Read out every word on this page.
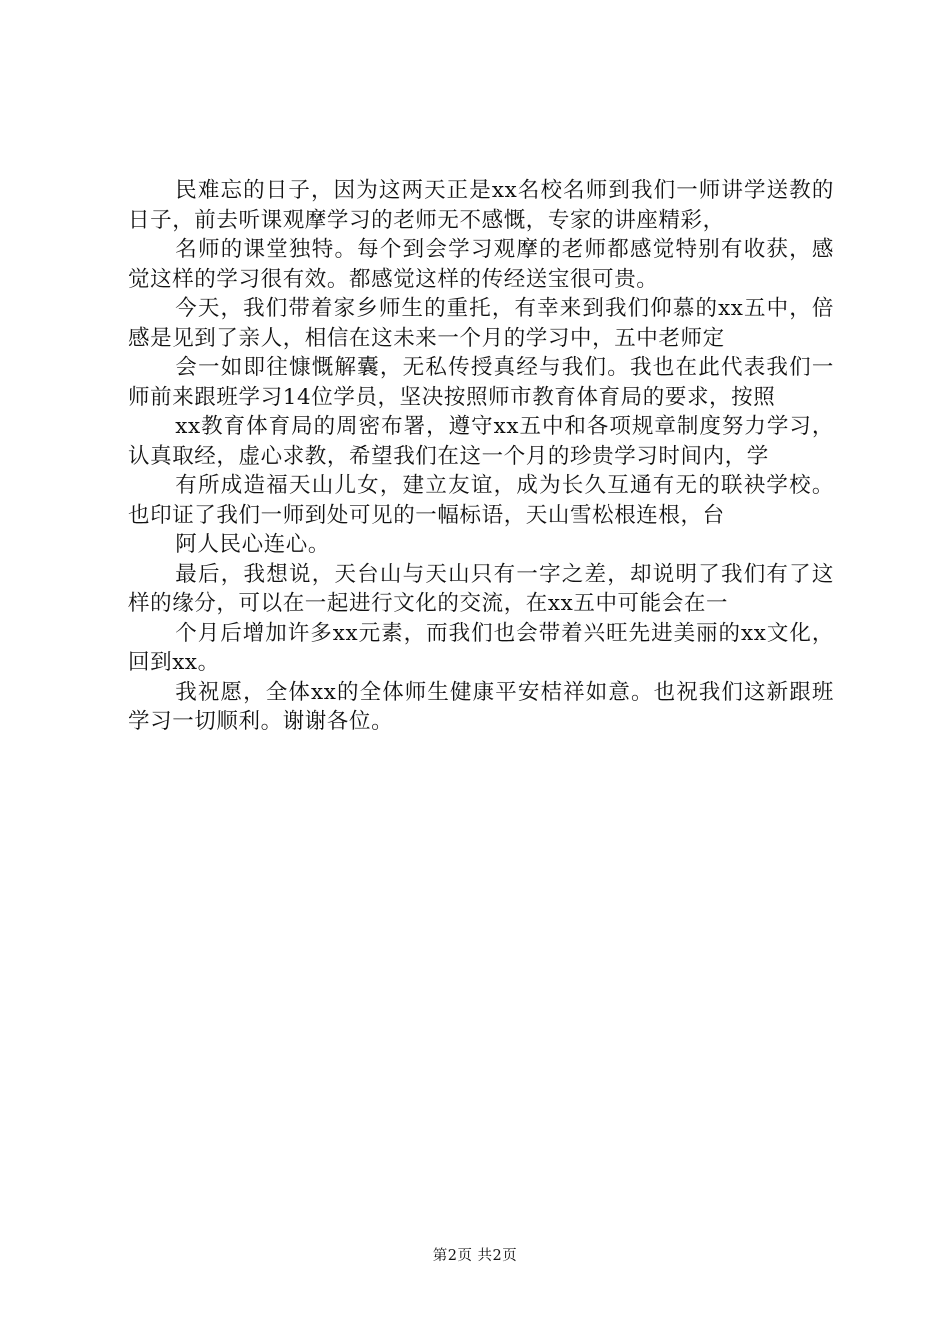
民难忘的日子，因为这两天正是xx名校名师到我们一师讲学送教的日子，前去听课观摩学习的老师无不感慨，专家的讲座精彩，

名师的课堂独特。每个到会学习观摩的老师都感觉特别有收获，感觉这样的学习很有效。都感觉这样的传经送宝很可贵。

今天，我们带着家乡师生的重托，有幸来到我们仰慕的xx五中，倍感是见到了亲人，相信在这未来一个月的学习中，五中老师定

会一如即往慷慨解囊，无私传授真经与我们。我也在此代表我们一师前来跟班学习14位学员，坚决按照师市教育体育局的要求，按照

xx教育体育局的周密布署，遵守xx五中和各项规章制度努力学习，认真取经，虚心求教，希望我们在这一个月的珍贵学习时间内，学

有所成造福天山儿女，建立友谊，成为长久互通有无的联袂学校。也印证了我们一师到处可见的一幅标语，天山雪松根连根，台

阿人民心连心。

最后，我想说，天台山与天山只有一字之差，却说明了我们有了这样的缘分，可以在一起进行文化的交流，在xx五中可能会在一

个月后增加许多xx元素，而我们也会带着兴旺先进美丽的xx文化，回到xx。

我祝愿，全体xx的全体师生健康平安桔祥如意。也祝我们这新跟班学习一切顺利。谢谢各位。

第2页 共2页
